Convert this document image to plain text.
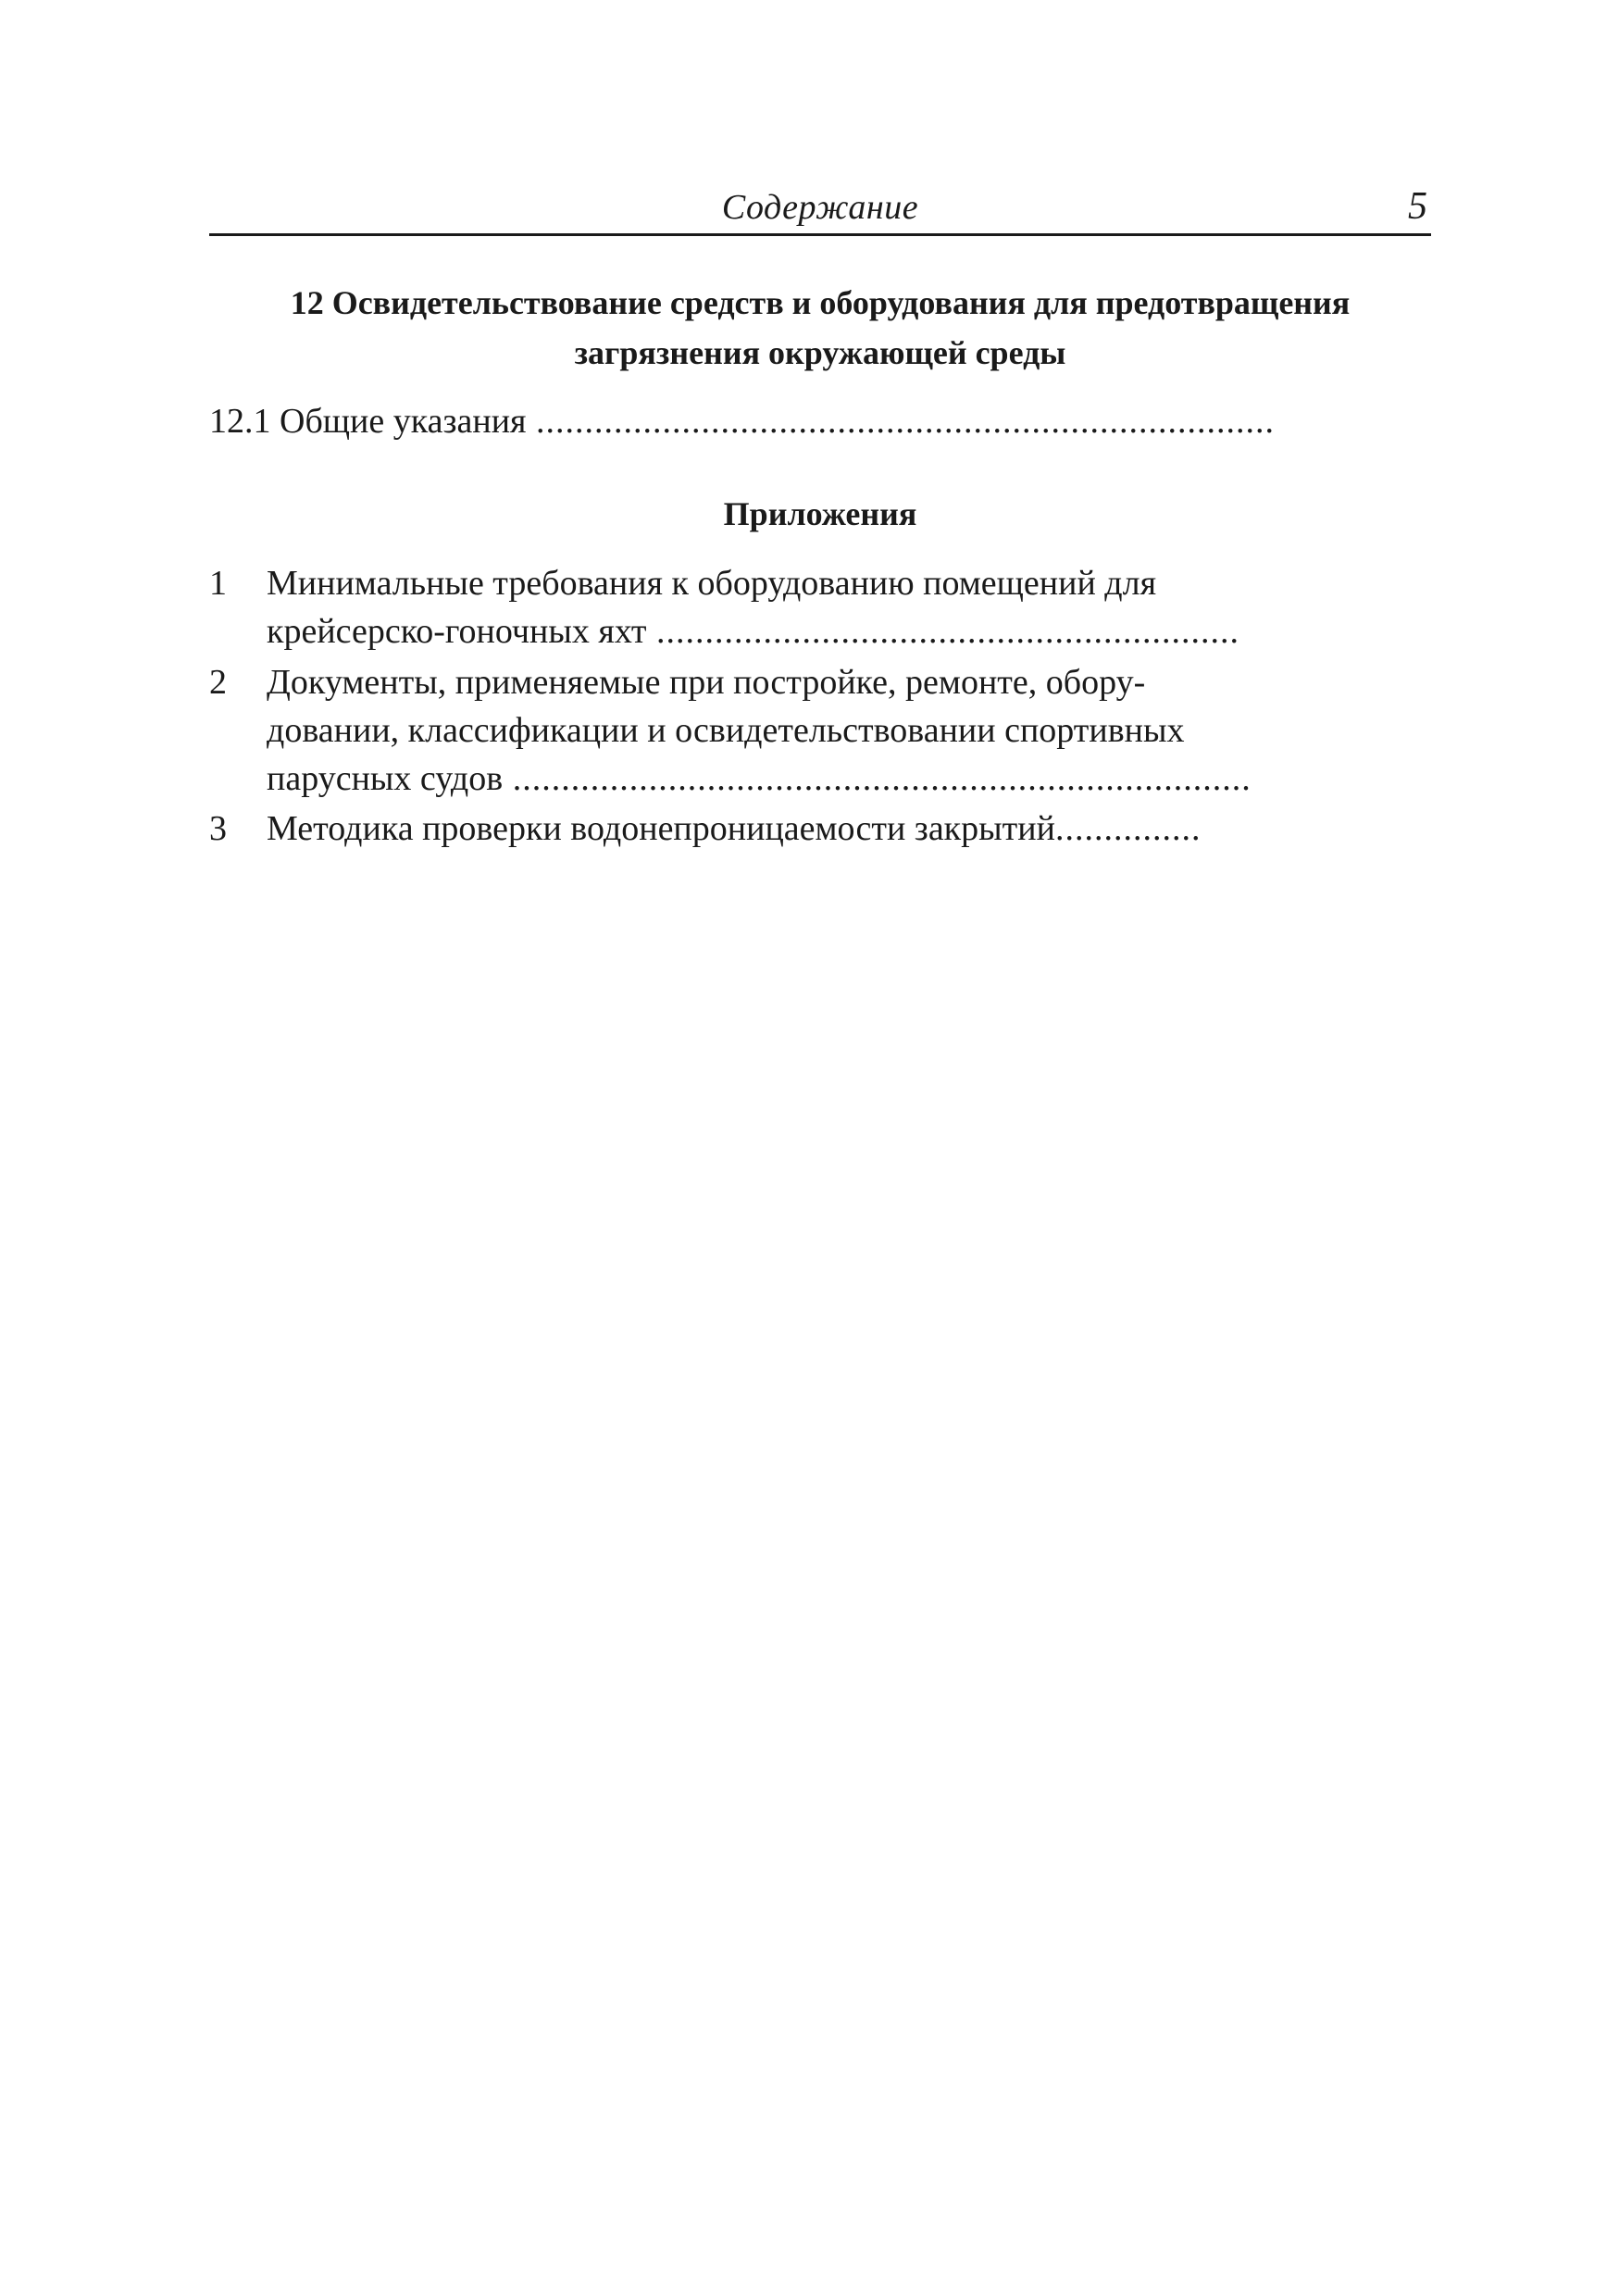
Содержание	5
12 Освидетельствование средств и оборудования для предотвращения
загрязнения окружающей среды
12.1 Общие указания ............................................................................
Приложения
1 Минимальные требования к оборудованию помещений для
крейсерско-гоночных яхт ............................................................
2 Документы, применяемые при постройке, ремонте, обору-
довании, классификации и освидетельствовании спортивных
парусных судов ............................................................................
3 Методика проверки водонепроницаемости закрытий...............
